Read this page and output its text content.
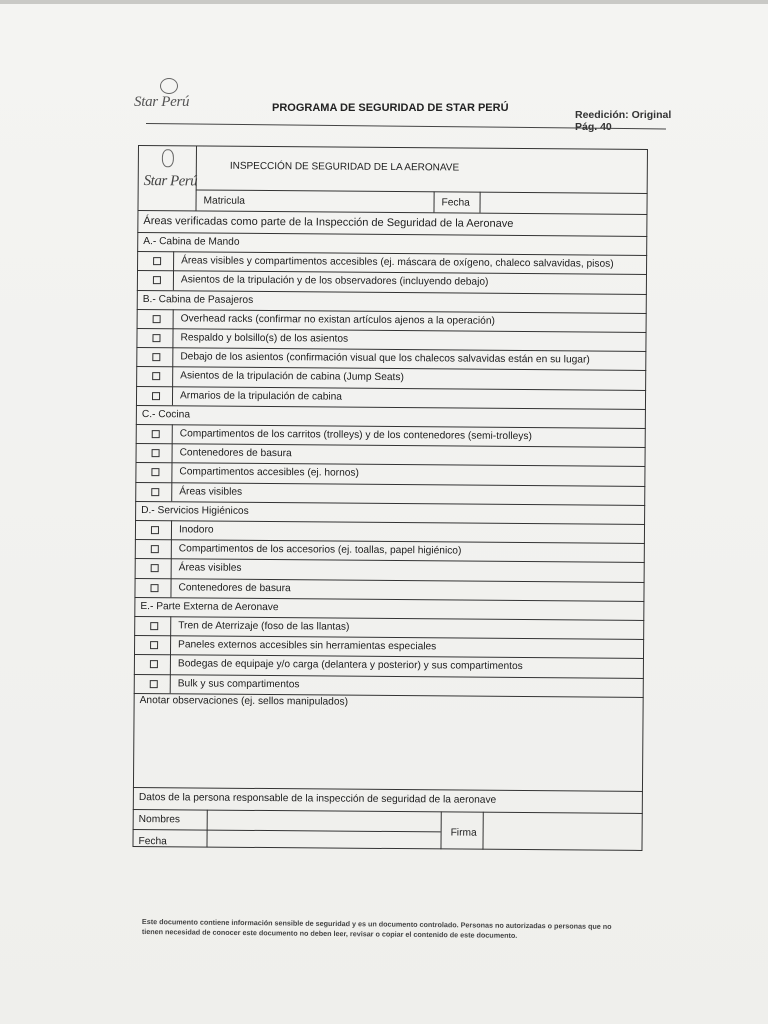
Star Perú	PROGRAMA DE SEGURIDAD DE STAR PERÚ
Reedición: Original
Pág. 40
Star Perú
INSPECCIÓN DE SEGURIDAD DE LA AERONAVE
Matricula	Fecha
Áreas verificadas como parte de la Inspección de Seguridad de la Aeronave
A.- Cabina de Mando
Áreas visibles y compartimentos accesibles (ej. máscara de oxígeno, chaleco salvavidas, pisos)
Asientos de la tripulación y de los observadores (incluyendo debajo)
B.- Cabina de Pasajeros
Overhead racks (confirmar no existan artículos ajenos a la operación)
Respaldo y bolsillo(s) de los asientos
Debajo de los asientos (confirmación visual que los chalecos salvavidas están en su lugar)
Asientos de la tripulación de cabina (Jump Seats)
Armarios de la tripulación de cabina
C.- Cocina
Compartimentos de los carritos (trolleys) y de los contenedores (semi-trolleys)
Contenedores de basura
Compartimentos accesibles (ej. hornos)
Áreas visibles
D.- Servicios Higiénicos
Inodoro
Compartimentos de los accesorios (ej. toallas, papel higiénico)
Áreas visibles
Contenedores de basura
E.- Parte Externa de Aeronave
Tren de Aterrizaje (foso de las llantas)
Paneles externos accesibles sin herramientas especiales
Bodegas de equipaje y/o carga (delantera y posterior) y sus compartimentos
Bulk y sus compartimentos
Anotar observaciones (ej. sellos manipulados)
Datos de la persona responsable de la inspección de seguridad de la aeronave
Nombres
Fecha
Firma
Este documento contiene información sensible de seguridad y es un documento controlado. Personas no autorizadas o personas que no tienen necesidad de conocer este documento no deben leer, revisar o copiar el contenido de este documento.
